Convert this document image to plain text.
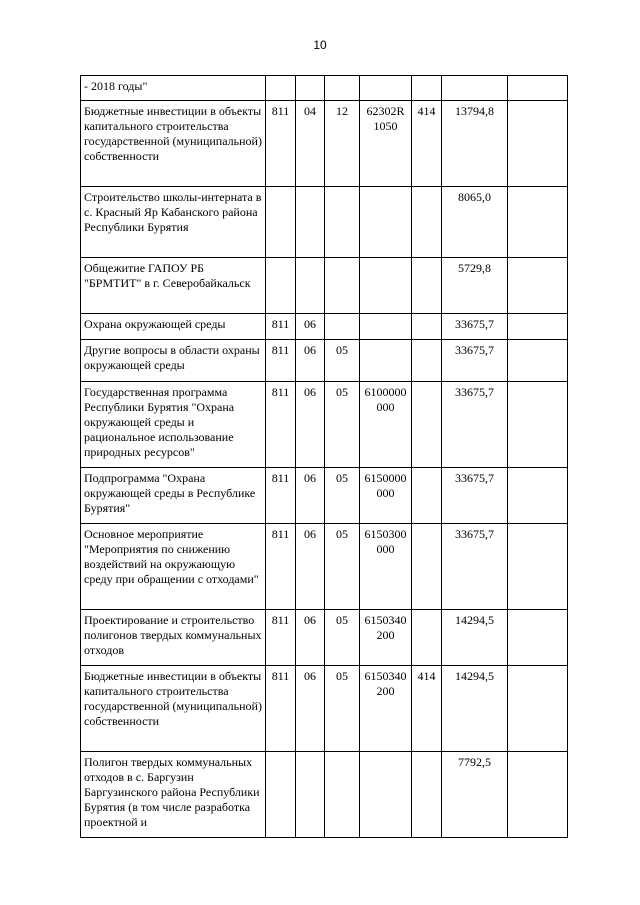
10
- 2018 годы"							
Бюджетные инвестиции в объекты капитального строительства государственной (муниципальной) собственности	811	04	12	62302R 1050	414	13794,8	
Строительство школы-интерната в с. Красный Яр Кабанского района Республики Бурятия						8065,0	
Общежитие ГАПОУ РБ "БРМТИТ" в г. Северобайкальск						5729,8	
Охрана окружающей среды	811	06				33675,7	
Другие вопросы в области охраны окружающей среды	811	06	05			33675,7	
Государственная программа Республики Бурятия "Охрана окружающей среды и рациональное использование природных ресурсов"	811	06	05	6100000 000		33675,7	
Подпрограмма "Охрана окружающей среды в Республике Бурятия"	811	06	05	6150000 000		33675,7	
Основное мероприятие "Мероприятия по снижению воздействий на окружающую среду при обращении с отходами"	811	06	05	6150300 000		33675,7	
Проектирование и строительство полигонов твердых коммунальных отходов	811	06	05	6150340 200		14294,5	
Бюджетные инвестиции в объекты капитального строительства государственной (муниципальной) собственности	811	06	05	6150340 200	414	14294,5	
Полигон твердых коммунальных отходов в с. Баргузин Баргузинского района Республики Бурятия (в том числе разработка проектной и						7792,5	
